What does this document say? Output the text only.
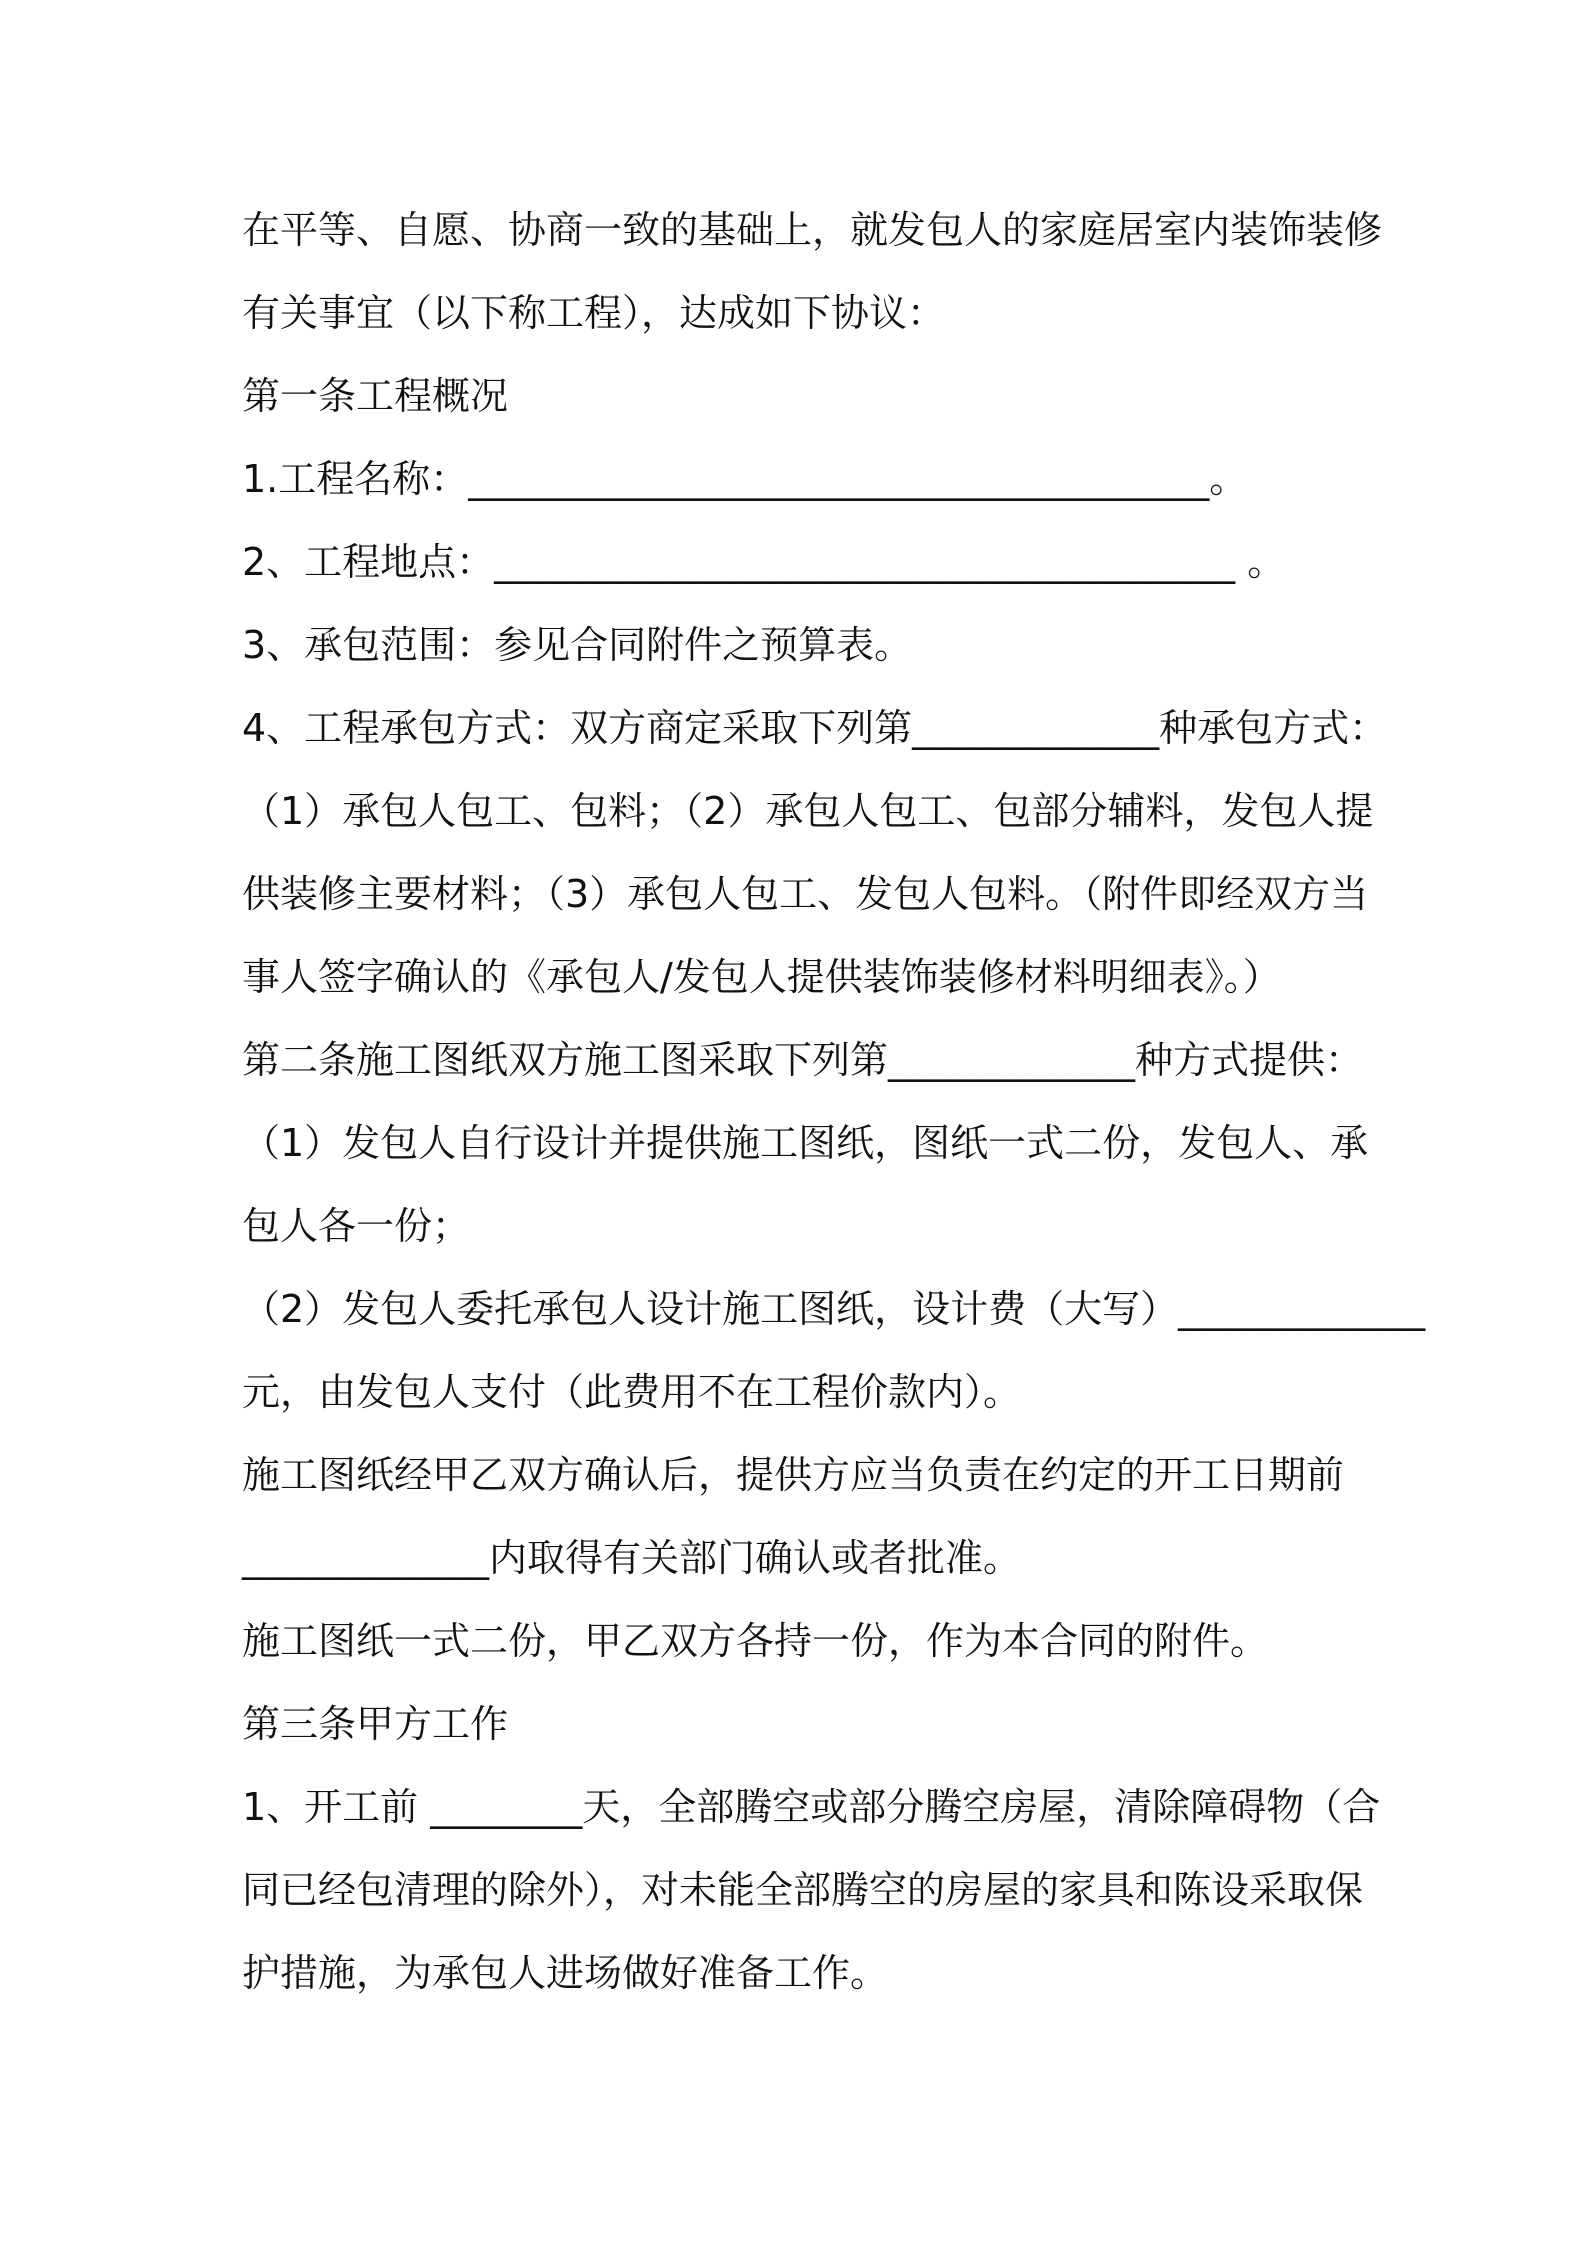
在平等、自愿、协商一致的基础上，就发包人的家庭居室内装饰装修
有关事宜（以下称工程），达成如下协议：
第一条工程概况
1.工程名称：_______________________________________。
2、工程地点：_______________________________________ 。
3、承包范围：参见合同附件之预算表。
4、工程承包方式：双方商定采取下列第_____________种承包方式：
（1）承包人包工、包料；（2）承包人包工、包部分辅料，发包人提
供装修主要材料；（3）承包人包工、发包人包料。（附件即经双方当
事人签字确认的《承包人/发包人提供装饰装修材料明细表》。）
第二条施工图纸双方施工图采取下列第_____________种方式提供：
（1）发包人自行设计并提供施工图纸，图纸一式二份，发包人、承
包人各一份；
（2）发包人委托承包人设计施工图纸，设计费（大写）_____________
元，由发包人支付（此费用不在工程价款内）。
施工图纸经甲乙双方确认后，提供方应当负责在约定的开工日期前
_____________内取得有关部门确认或者批准。
施工图纸一式二份，甲乙双方各持一份，作为本合同的附件。
第三条甲方工作
1、开工前 ________天，全部腾空或部分腾空房屋，清除障碍物（合
同已经包清理的除外），对未能全部腾空的房屋的家具和陈设采取保
护措施，为承包人进场做好准备工作。
